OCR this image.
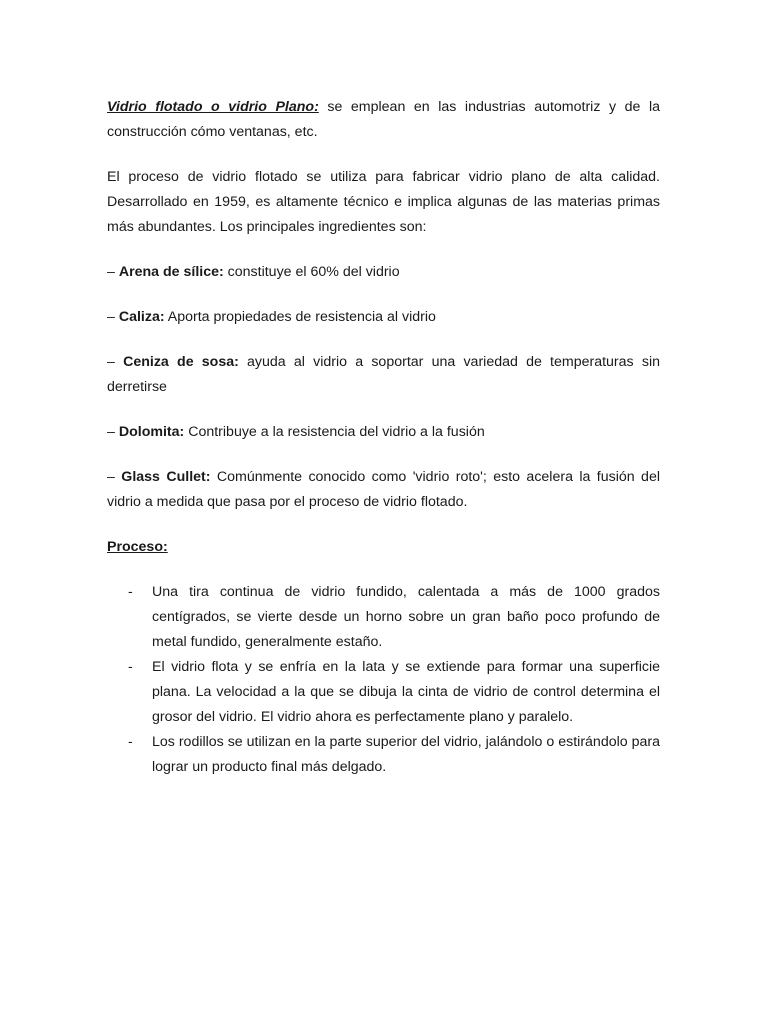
Vidrio flotado o vidrio Plano: se emplean en las industrias automotriz y de la construcción cómo ventanas, etc.

El proceso de vidrio flotado se utiliza para fabricar vidrio plano de alta calidad. Desarrollado en 1959, es altamente técnico e implica algunas de las materias primas más abundantes. Los principales ingredientes son:

– Arena de sílice: constituye el 60% del vidrio

– Caliza: Aporta propiedades de resistencia al vidrio

– Ceniza de sosa: ayuda al vidrio a soportar una variedad de temperaturas sin derretirse

– Dolomita: Contribuye a la resistencia del vidrio a la fusión

– Glass Cullet: Comúnmente conocido como 'vidrio roto'; esto acelera la fusión del vidrio a medida que pasa por el proceso de vidrio flotado.

Proceso:

- Una tira continua de vidrio fundido, calentada a más de 1000 grados centígrados, se vierte desde un horno sobre un gran baño poco profundo de metal fundido, generalmente estaño.
- El vidrio flota y se enfría en la lata y se extiende para formar una superficie plana. La velocidad a la que se dibuja la cinta de vidrio de control determina el grosor del vidrio. El vidrio ahora es perfectamente plano y paralelo.
- Los rodillos se utilizan en la parte superior del vidrio, jalándolo o estirándolo para lograr un producto final más delgado.
